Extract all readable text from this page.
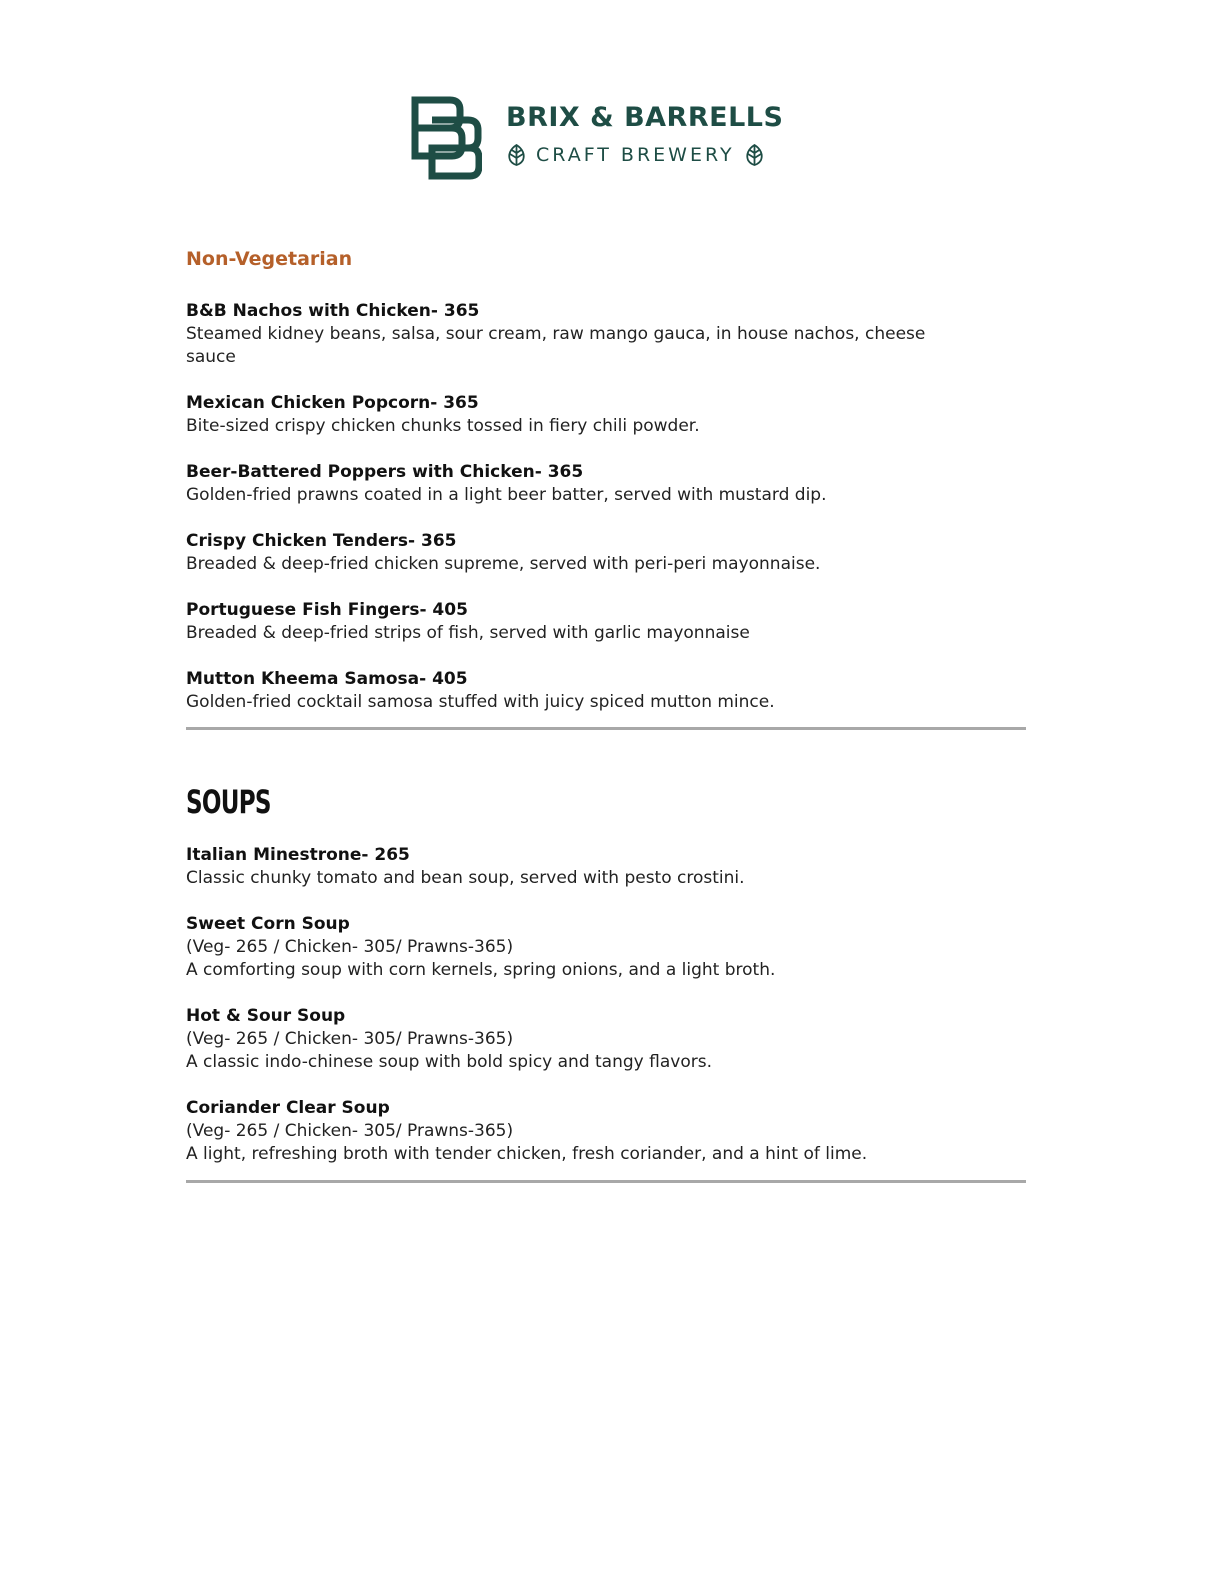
BRIX & BARRELLS
CRAFT BREWERY
Non-Vegetarian
B&B Nachos with Chicken- 365
Steamed kidney beans, salsa, sour cream, raw mango gauca, in house nachos, cheese
sauce
Mexican Chicken Popcorn- 365
Bite-sized crispy chicken chunks tossed in fiery chili powder.
Beer-Battered Poppers with Chicken- 365
Golden-fried prawns coated in a light beer batter, served with mustard dip.
Crispy Chicken Tenders- 365
Breaded & deep-fried chicken supreme, served with peri-peri mayonnaise.
Portuguese Fish Fingers- 405
Breaded & deep-fried strips of fish, served with garlic mayonnaise
Mutton Kheema Samosa- 405
Golden-fried cocktail samosa stuffed with juicy spiced mutton mince.
SOUPS
Italian Minestrone- 265
Classic chunky tomato and bean soup, served with pesto crostini.
Sweet Corn Soup
(Veg- 265 / Chicken- 305/ Prawns-365)
A comforting soup with corn kernels, spring onions, and a light broth.
Hot & Sour Soup
(Veg- 265 / Chicken- 305/ Prawns-365)
A classic indo-chinese soup with bold spicy and tangy flavors.
Coriander Clear Soup
(Veg- 265 / Chicken- 305/ Prawns-365)
A light, refreshing broth with tender chicken, fresh coriander, and a hint of lime.
